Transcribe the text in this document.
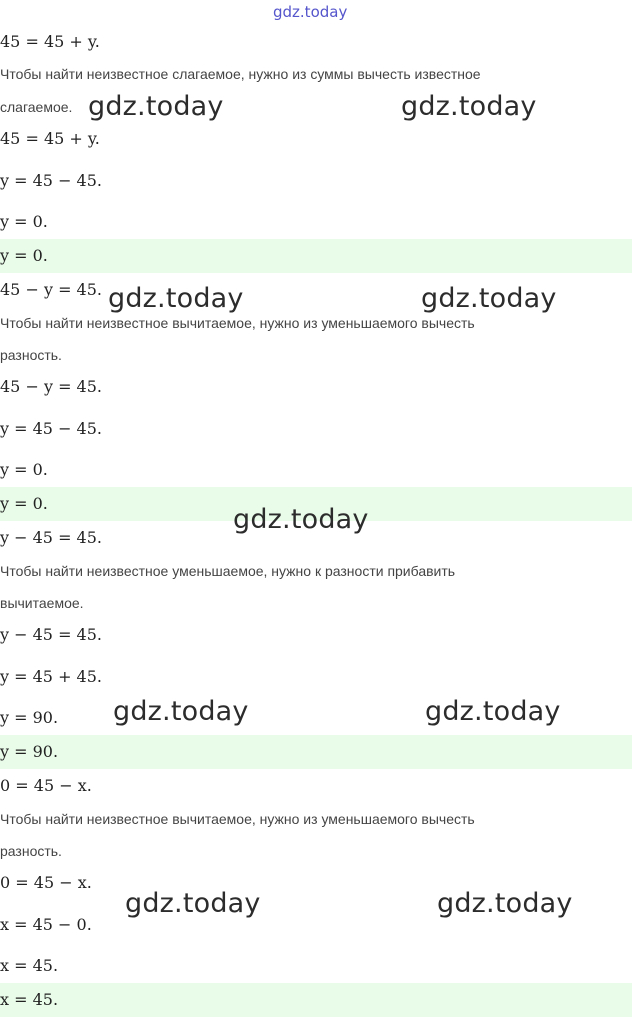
gdz.today
45 = 45 + y.
Чтобы найти неизвестное слагаемое, нужно из суммы вычесть известное
слагаемое.
45 = 45 + y.
y = 45 − 45.
y = 0.
y = 0.
45 − y = 45.
Чтобы найти неизвестное вычитаемое, нужно из уменьшаемого вычесть
разность.
45 − y = 45.
y = 45 − 45.
y = 0.
y = 0.
y − 45 = 45.
Чтобы найти неизвестное уменьшаемое, нужно к разности прибавить
вычитаемое.
y − 45 = 45.
y = 45 + 45.
y = 90.
y = 90.
0 = 45 − x.
Чтобы найти неизвестное вычитаемое, нужно из уменьшаемого вычесть
разность.
0 = 45 − x.
x = 45 − 0.
x = 45.
x = 45.
gdz.today	gdz.today
gdz.today	gdz.today
gdz.today
gdz.today	gdz.today
gdz.today	gdz.today
